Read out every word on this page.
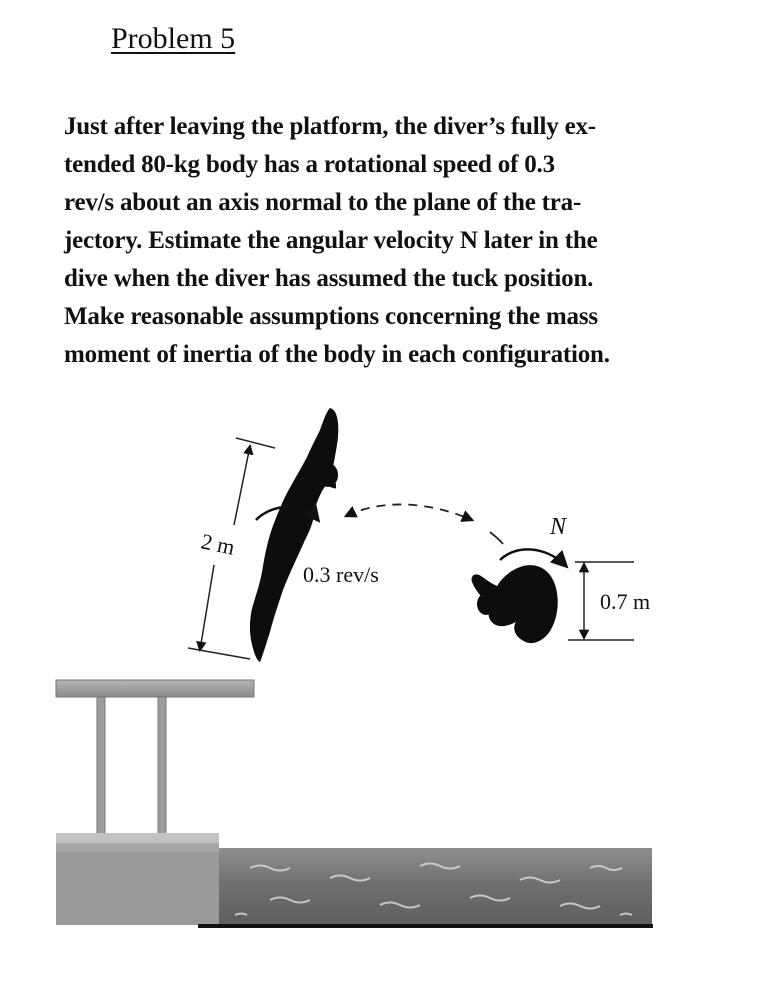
Problem 5
Just after leaving the platform, the diver’s fully ex-
tended 80-kg body has a rotational speed of 0.3
rev/s about an axis normal to the plane of the tra-
jectory. Estimate the angular velocity N later in the
dive when the diver has assumed the tuck position.
Make reasonable assumptions concerning the mass
moment of inertia of the body in each configuration.
2 m
0.3 rev/s
N
0.7 m
